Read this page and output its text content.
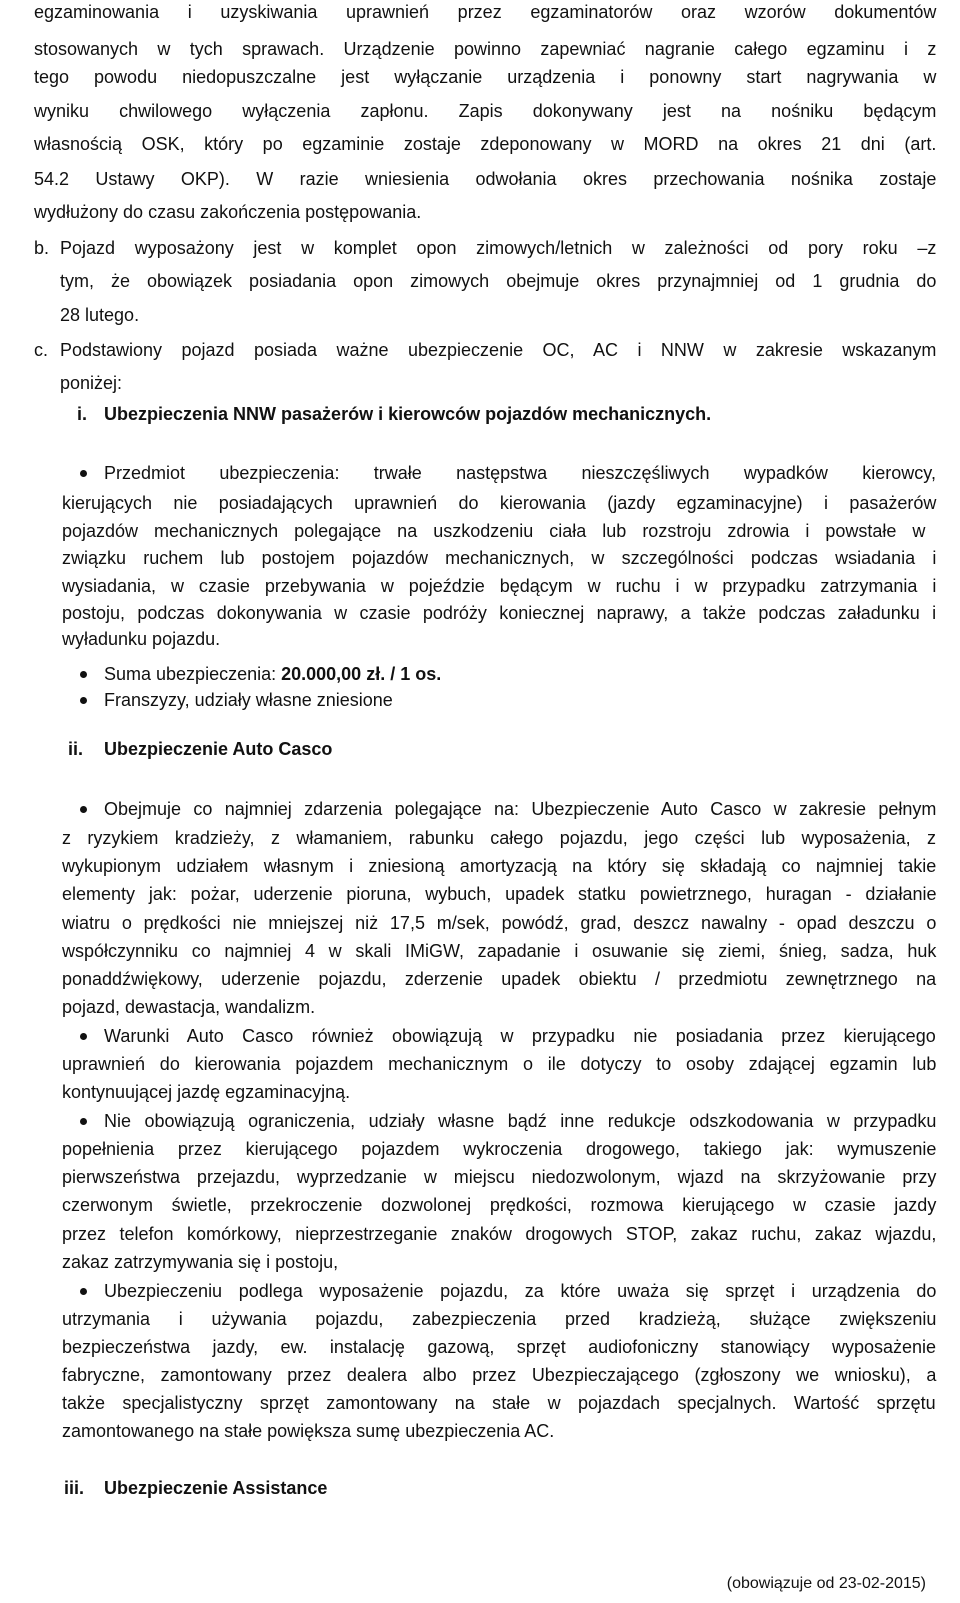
egzaminowania i uzyskiwania uprawnień przez egzaminatorów oraz wzorów dokumentów
stosowanych w tych sprawach. Urządzenie powinno zapewniać nagranie całego egzaminu i z
tego powodu niedopuszczalne jest wyłączanie urządzenia i ponowny start nagrywania w
wyniku chwilowego wyłączenia zapłonu. Zapis dokonywany jest na nośniku będącym
własnością OSK, który po egzaminie zostaje zdeponowany w MORD na okres 21 dni (art.
54.2 Ustawy OKP). W razie wniesienia odwołania okres przechowania nośnika zostaje
wydłużony do czasu zakończenia postępowania.
b. Pojazd wyposażony jest w komplet opon zimowych/letnich w zależności od pory roku –z
tym, że obowiązek posiadania opon zimowych obejmuje okres przynajmniej od 1 grudnia do
28 lutego.
c. Podstawiony pojazd posiada ważne ubezpieczenie OC, AC i NNW w zakresie wskazanym
poniżej:
i. Ubezpieczenia NNW pasażerów i kierowców pojazdów mechanicznych.
Przedmiot ubezpieczenia: trwałe następstwa nieszczęśliwych wypadków kierowcy,
kierujących nie posiadających uprawnień do kierowania (jazdy egzaminacyjne) i pasażerów
pojazdów mechanicznych polegające na uszkodzeniu ciała lub rozstroju zdrowia i powstałe w
związku ruchem lub postojem pojazdów mechanicznych, w szczególności podczas wsiadania i
wysiadania, w czasie przebywania w pojeździe będącym w ruchu i w przypadku zatrzymania i
postoju, podczas dokonywania w czasie podróży koniecznej naprawy, a także podczas załadunku i
wyładunku pojazdu.
Suma ubezpieczenia: 20.000,00 zł. / 1 os.
Franszyzy, udziały własne zniesione
ii. Ubezpieczenie Auto Casco
Obejmuje co najmniej zdarzenia polegające na: Ubezpieczenie Auto Casco w zakresie pełnym
z ryzykiem kradzieży, z włamaniem, rabunku całego pojazdu, jego części lub wyposażenia, z
wykupionym udziałem własnym i zniesioną amortyzacją na który się składają co najmniej takie
elementy jak: pożar, uderzenie pioruna, wybuch, upadek statku powietrznego, huragan - działanie
wiatru o prędkości nie mniejszej niż 17,5 m/sek, powódź, grad, deszcz nawalny - opad deszczu o
współczynniku co najmniej 4 w skali IMiGW, zapadanie i osuwanie się ziemi, śnieg, sadza, huk
ponaddźwiękowy, uderzenie pojazdu, zderzenie upadek obiektu / przedmiotu zewnętrznego na
pojazd, dewastacja, wandalizm.
Warunki Auto Casco również obowiązują w przypadku nie posiadania przez kierującego
uprawnień do kierowania pojazdem mechanicznym o ile dotyczy to osoby zdającej egzamin lub
kontynuującej jazdę egzaminacyjną.
Nie obowiązują ograniczenia, udziały własne bądź inne redukcje odszkodowania w przypadku
popełnienia przez kierującego pojazdem wykroczenia drogowego, takiego jak: wymuszenie
pierwszeństwa przejazdu, wyprzedzanie w miejscu niedozwolonym, wjazd na skrzyżowanie przy
czerwonym świetle, przekroczenie dozwolonej prędkości, rozmowa kierującego w czasie jazdy
przez telefon komórkowy, nieprzestrzeganie znaków drogowych STOP, zakaz ruchu, zakaz wjazdu,
zakaz zatrzymywania się i postoju,
Ubezpieczeniu podlega wyposażenie pojazdu, za które uważa się sprzęt i urządzenia do
utrzymania i używania pojazdu, zabezpieczenia przed kradzieżą, służące zwiększeniu
bezpieczeństwa jazdy, ew. instalację gazową, sprzęt audiofoniczny stanowiący wyposażenie
fabryczne, zamontowany przez dealera albo przez Ubezpieczającego (zgłoszony we wniosku), a
także specjalistyczny sprzęt zamontowany na stałe w pojazdach specjalnych. Wartość sprzętu
zamontowanego na stałe powiększa sumę ubezpieczenia AC.
iii. Ubezpieczenie Assistance
(obowiązuje od 23-02-2015)
